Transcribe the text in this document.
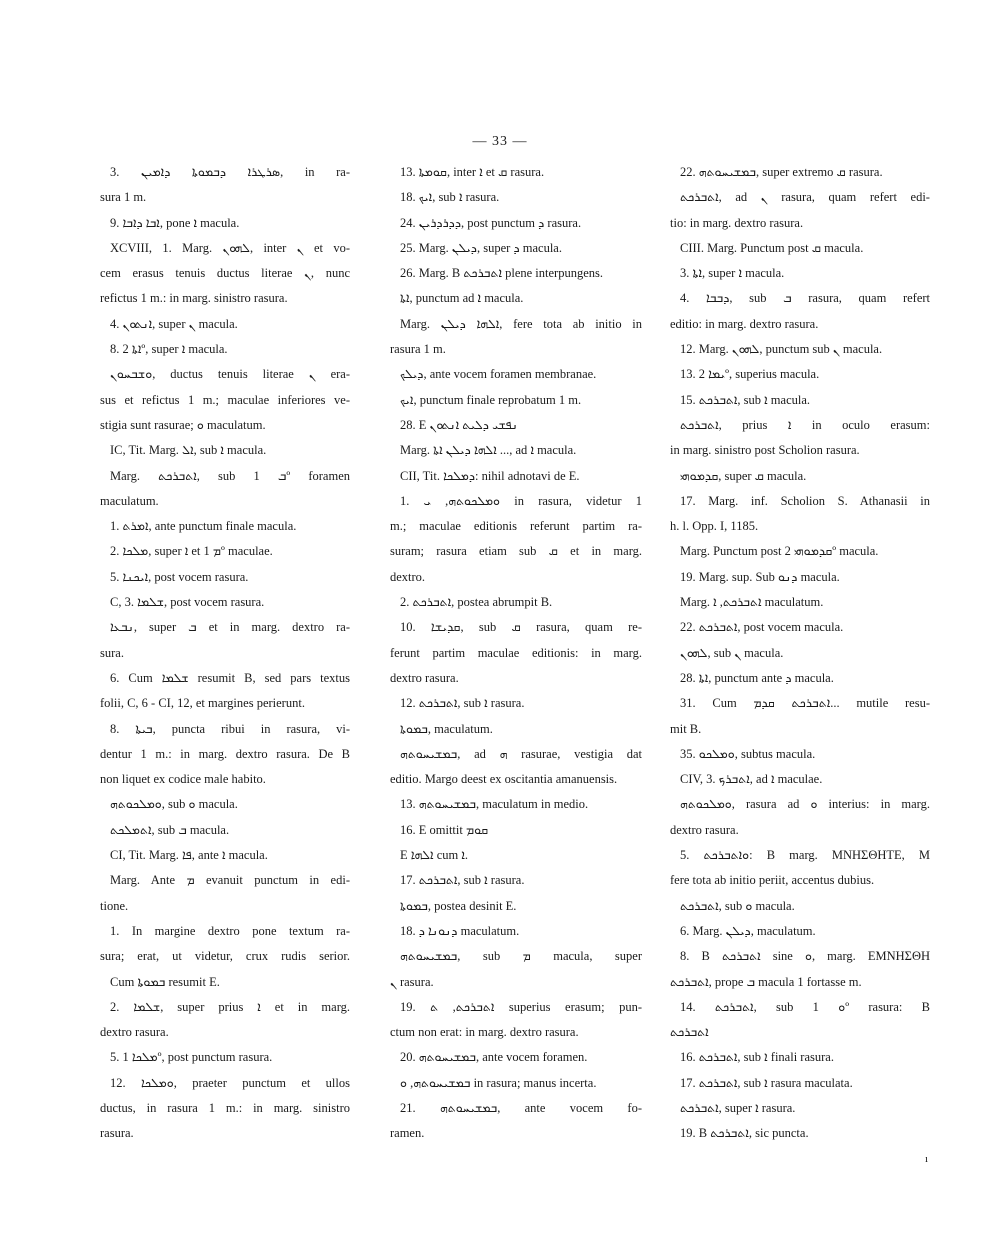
— 33 —
3. ܣܪܛܪܐ ܕܒܡܘܬܐ ܕܐܡܝܢ, in ra-
sura 1 m.
9. ܐܒܐ ܕܐܒܐ, pone ܐ macula.
XCVIII, 1. Marg. ܠܗܘܢ, inter ܢ et vo-
cem erasus tenuis ductus literae ܢ, nunc
refictus 1 m.: in marg. sinistro rasura.
4. ܐܢܬܘܢ, super ܢ macula.
8. ܐܬܐ 2º, super ܐ macula.
ܘܫܒܚܘܢ, ductus tenuis literae ܢ era-
sus et refictus 1 m.; maculae inferiores ve-
stigia sunt rasurae; ܘ maculatum.
IC, Tit. Marg. ܐܠ, sub ܐ macula.
Marg. ܐܬܒܪܟܬ, sub ܒ 1º foramen
maculatum.
1. ܐܡܪܬ, ante punctum finale macula.
2. ܡܠܟܐ, super ܐ et ܡ 1º maculae.
5. ܐܝܟܢܐ, post vocem rasura.
C, 3. ܫܠܡܐ, post vocem rasura.
ܢܒܥܐ, super ܒ et in marg. dextro ra-
sura.
6. Cum ܫܠܡܐ resumit B, sed pars textus
folii, C, 6 - CI, 12, et margines perierunt.
8. ܒܝܬܐ, puncta ribui in rasura, vi-
dentur 1 m.: in marg. dextro rasura. De B
non liquet ex codice male habito.
ܘܡܠܟܘܬܗ, sub ܘ macula.
ܐܬܡܠܟܬ, sub ܒ macula.
CI, Tit. Marg. ܦܐ, ante ܐ macula.
Marg. Ante ܡ evanuit punctum in edi-
tione.
1. In margine dextro pone textum ra-
sura; erat, ut videtur, crux rudis serior.
Cum ܒܡܘܬܐ resumit E.
2. ܫܠܡܐ, super prius ܐ et in marg.
dextro rasura.
5. ܡܠܟܐ 1º, post punctum rasura.
12. ܘܡܠܟܐ, praeter punctum et ullos
ductus, in rasura 1 m.: in marg. sinistro
rasura.
13. ܩܘܡܬܐ, inter ܐ et ܩ rasura.
18. ܐܝܟ, sub ܐ rasura.
24. ܕܕܪܕܪܝܢ, post punctum ܕ rasura.
25. Marg. ܕܝܠܢ, super ܕ macula.
26. Marg. B ܐܬܒܪܟܬ plene interpungens.
ܐܬܐ, punctum ad ܐ macula.
Marg. ܐܠܗܐ ܕܝܠܢ, fere tota ab initio in
rasura 1 m.
ܕܝܠܟ, ante vocem foramen membranae.
ܐܝܟ, punctum finale reprobatum 1 m.
28. E ܢܦܫܝ ܕܠܝܬ ܐܢܬܘܢ
Marg. ܐܠܗܐ ܕܝܠܢ ܐܬܐ ..., ad ܐ macula.
CII, Tit. ܕܡܠܟܐ: nihil adnotavi de E.
1. ܘܡܠܟܘܬܗ, ܝ in rasura, videtur 1
m.; maculae editionis referunt partim ra-
suram; rasura etiam sub ܩ et in marg.
dextro.
2. ܐܬܒܪܟܬ, postea abrumpit B.
10. ܩܕܝܫܐ, sub ܩ rasura, quam re-
ferunt partim maculae editionis: in marg.
dextro rasura.
12. ܐܬܒܪܟܬ, sub ܐ rasura.
ܒܡܘܬܐ, maculatum.
ܒܡܫܝܚܘܬܗ, ad ܗ rasurae, vestigia dat
editio. Margo deest ex oscitantia amanuensis.
13. ܒܡܫܝܚܘܬܗ, maculatum in medio.
16. E omittit ܩܘܡ
E ܐܠܗܐ cum ܐ.
17. ܐܬܒܪܟܬ, sub ܐ rasura.
ܒܡܘܬܐ, postea desinit E.
18. ܕܢܘܢܐ ܕ maculatum.
ܒܡܫܝܚܘܬܗ, sub ܡ macula, super
ܢ rasura.
19. ܐܬܒܪܟܬ, ܬ superius erasum; pun-
ctum non erat: in marg. dextro rasura.
20. ܒܡܫܝܚܘܬܗ, ante vocem foramen.
ܒܡܫܝܚܘܬܗ, ܘ in rasura; manus incerta.
21. ܒܡܫܝܚܘܬܗ, ante vocem fo-
ramen.
22. ܒܡܫܝܚܘܬܗ, super extremo ܩ rasura.
ܐܬܒܪܟܬ, ad ܢ rasura, quam refert edi-
tio: in marg. dextro rasura.
CIII. Marg. Punctum post ܩ macula.
3. ܐܬܐ, super ܐ macula.
4. ܕܒܒܐ, sub ܒ rasura, quam refert
editio: in marg. dextro rasura.
12. Marg. ܠܗܘܢ, punctum sub ܢ macula.
13. ܝܡܐ 2º, superius macula.
15. ܐܬܒܪܟܬ, sub ܐ macula.
ܐܬܒܪܟܬ, prius ܐ in oculo erasum:
in marg. sinistro post Scholion rasura.
ܩܕܡܘܗܝ, super ܩ macula.
17. Marg. inf. Scholion S. Athanasii in
h. l. Opp. I, 1185.
Marg. Punctum post ܩܕܡܘܗܝ 2º macula.
19. Marg. sup. Sub ܕܢܘ macula.
Marg. ܐܬܒܪܟܬ, ܐ maculatum.
22. ܐܬܒܪܟܬ, post vocem macula.
ܠܗܘܢ, sub ܢ macula.
28. ܐܬܐ, punctum ante ܕ macula.
31. Cum ܐܬܒܪܟܬ ܩܕܡ... mutile resu-
mit B.
35. ܘܡܠܟܘ, subtus macula.
CIV, 3. ܐܬܒܪܟ, ad ܐ maculae.
ܘܡܠܟܘܬܗ, rasura ad ܘ interius: in marg.
dextro rasura.
5. ܘܐܬܒܪܟܬ: B marg. ΜΝΗΣΘΗΤΕ, Μ
fere tota ab initio periit, accentus dubius.
ܐܬܒܪܟܬ, sub ܘ macula.
6. Marg. ܕܝܠܢ, maculatum.
8. B ܐܬܒܪܟܬ sine ܘ, marg. ΕΜΝΗΣΘΗ
ܐܬܒܪܟܬ, prope ܒ macula 1 fortasse m.
14. ܐܬܒܪܟܬ, sub ܘ 1º rasura: B
ܐܬܒܪܟܬ
16. ܐܬܒܪܟܬ, sub ܐ finali rasura.
17. ܐܬܒܪܟܬ, sub ܐ rasura maculata.
ܐܬܒܪܟܬ, super ܐ rasura.
19. B ܐܬܒܪܟܬ, sic puncta.
ı
